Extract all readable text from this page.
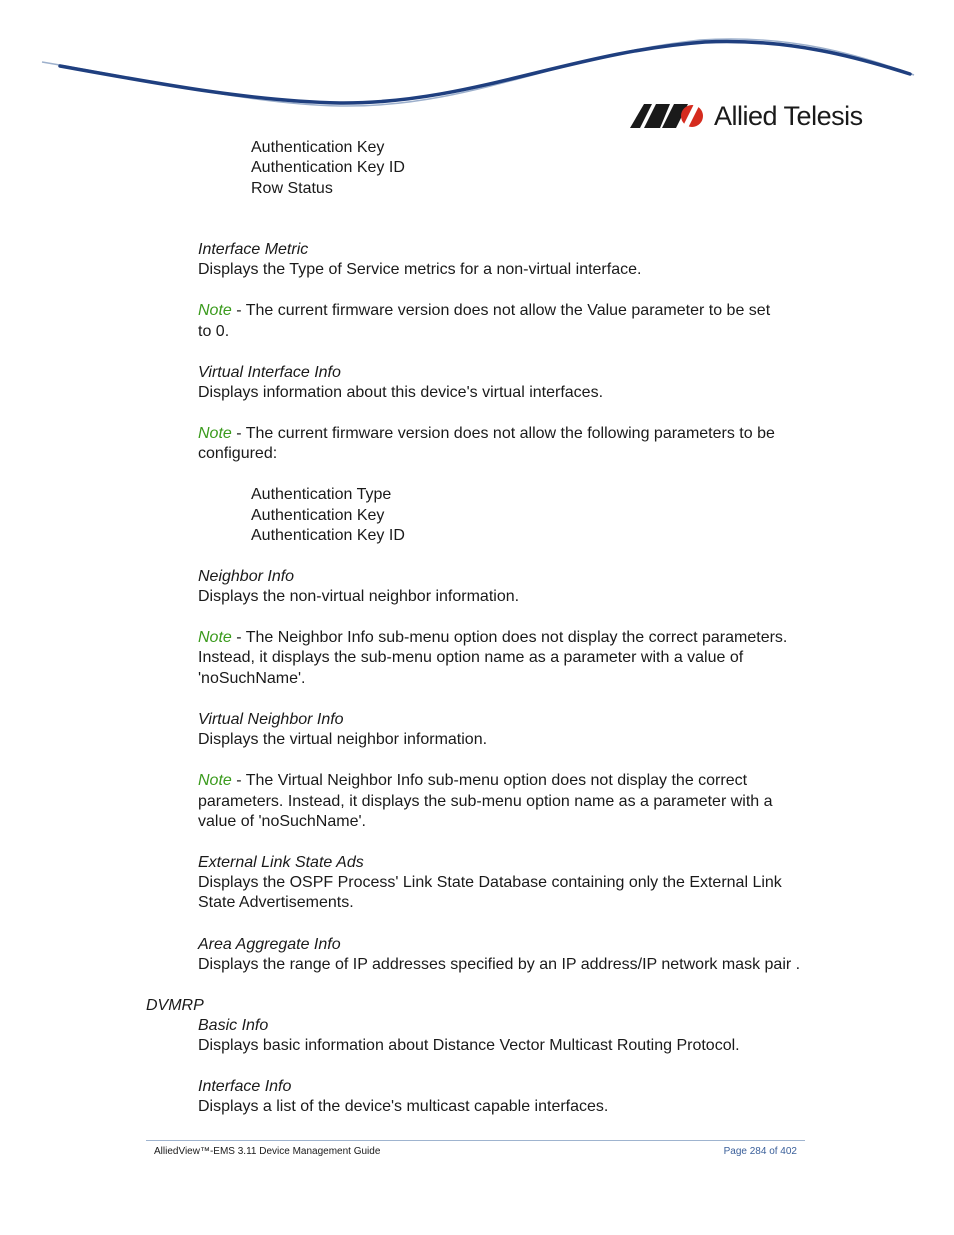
Allied Telesis
Authentication Key
Authentication Key ID
Row Status
Interface Metric
Displays the Type of Service metrics for a non-virtual interface.
Note - The current firmware version does not allow the Value parameter to be set
to 0.
Virtual Interface Info
Displays information about this device's virtual interfaces.
Note - The current firmware version does not allow the following parameters to be
configured:
Authentication Type
Authentication Key
Authentication Key ID
Neighbor Info
Displays the non-virtual neighbor information.
Note - The Neighbor Info sub-menu option does not display the correct parameters.
Instead, it displays the sub-menu option name as a parameter with a value of
'noSuchName'.
Virtual Neighbor Info
Displays the virtual neighbor information.
Note - The Virtual Neighbor Info sub-menu option does not display the correct
parameters. Instead, it displays the sub-menu option name as a parameter with a
value of 'noSuchName'.
External Link State Ads
Displays the OSPF Process' Link State Database containing only the External Link
State Advertisements.
Area Aggregate Info
Displays the range of IP addresses specified by an IP address/IP network mask pair .
DVMRP
Basic Info
Displays basic information about Distance Vector Multicast Routing Protocol.
Interface Info
Displays a list of the device's multicast capable interfaces.
AlliedView™-EMS 3.11 Device Management Guide	Page 284 of 402
